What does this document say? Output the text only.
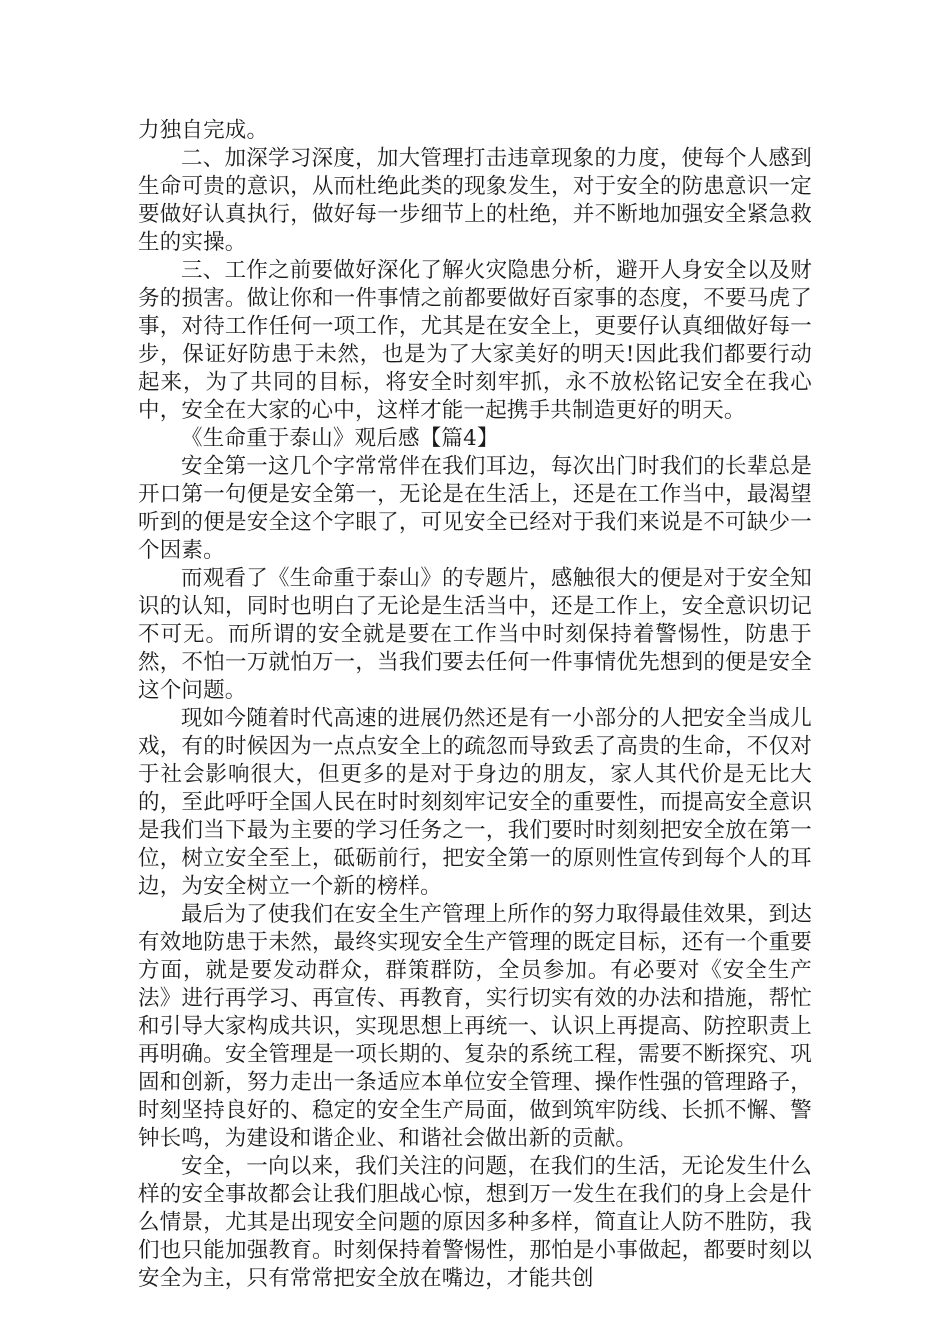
力独自完成。

二、加深学习深度，加大管理打击违章现象的力度，使每个人感到生命可贵的意识，从而杜绝此类的现象发生，对于安全的防患意识一定要做好认真执行，做好每一步细节上的杜绝，并不断地加强安全紧急救生的实操。

三、工作之前要做好深化了解火灾隐患分析，避开人身安全以及财务的损害。做让你和一件事情之前都要做好百家事的态度，不要马虎了事，对待工作任何一项工作，尤其是在安全上，更要仔认真细做好每一步，保证好防患于未然，也是为了大家美好的明天!因此我们都要行动起来，为了共同的目标，将安全时刻牢抓，永不放松铭记安全在我心中，安全在大家的心中，这样才能一起携手共制造更好的明天。

《生命重于泰山》观后感【篇4】

安全第一这几个字常常伴在我们耳边，每次出门时我们的长辈总是开口第一句便是安全第一，无论是在生活上，还是在工作当中，最渴望听到的便是安全这个字眼了，可见安全已经对于我们来说是不可缺少一个因素。

而观看了《生命重于泰山》的专题片，感触很大的便是对于安全知识的认知，同时也明白了无论是生活当中，还是工作上，安全意识切记不可无。而所谓的安全就是要在工作当中时刻保持着警惕性，防患于然，不怕一万就怕万一，当我们要去任何一件事情优先想到的便是安全这个问题。

现如今随着时代高速的进展仍然还是有一小部分的人把安全当成儿戏，有的时候因为一点点安全上的疏忽而导致丢了高贵的生命，不仅对于社会影响很大，但更多的是对于身边的朋友，家人其代价是无比大的，至此呼吁全国人民在时时刻刻牢记安全的重要性，而提高安全意识是我们当下最为主要的学习任务之一，我们要时时刻刻把安全放在第一位，树立安全至上，砥砺前行，把安全第一的原则性宣传到每个人的耳边，为安全树立一个新的榜样。

最后为了使我们在安全生产管理上所作的努力取得最佳效果，到达有效地防患于未然，最终实现安全生产管理的既定目标，还有一个重要方面，就是要发动群众，群策群防，全员参加。有必要对《安全生产法》进行再学习、再宣传、再教育，实行切实有效的办法和措施，帮忙和引导大家构成共识，实现思想上再统一、认识上再提高、防控职责上再明确。安全管理是一项长期的、复杂的系统工程，需要不断探究、巩固和创新，努力走出一条适应本单位安全管理、操作性强的管理路子，时刻坚持良好的、稳定的安全生产局面，做到筑牢防线、长抓不懈、警钟长鸣，为建设和谐企业、和谐社会做出新的贡献。

安全，一向以来，我们关注的问题，在我们的生活，无论发生什么样的安全事故都会让我们胆战心惊，想到万一发生在我们的身上会是什么情景，尤其是出现安全问题的原因多种多样，简直让人防不胜防，我们也只能加强教育。时刻保持着警惕性，那怕是小事做起，都要时刻以安全为主，只有常常把安全放在嘴边，才能共创
